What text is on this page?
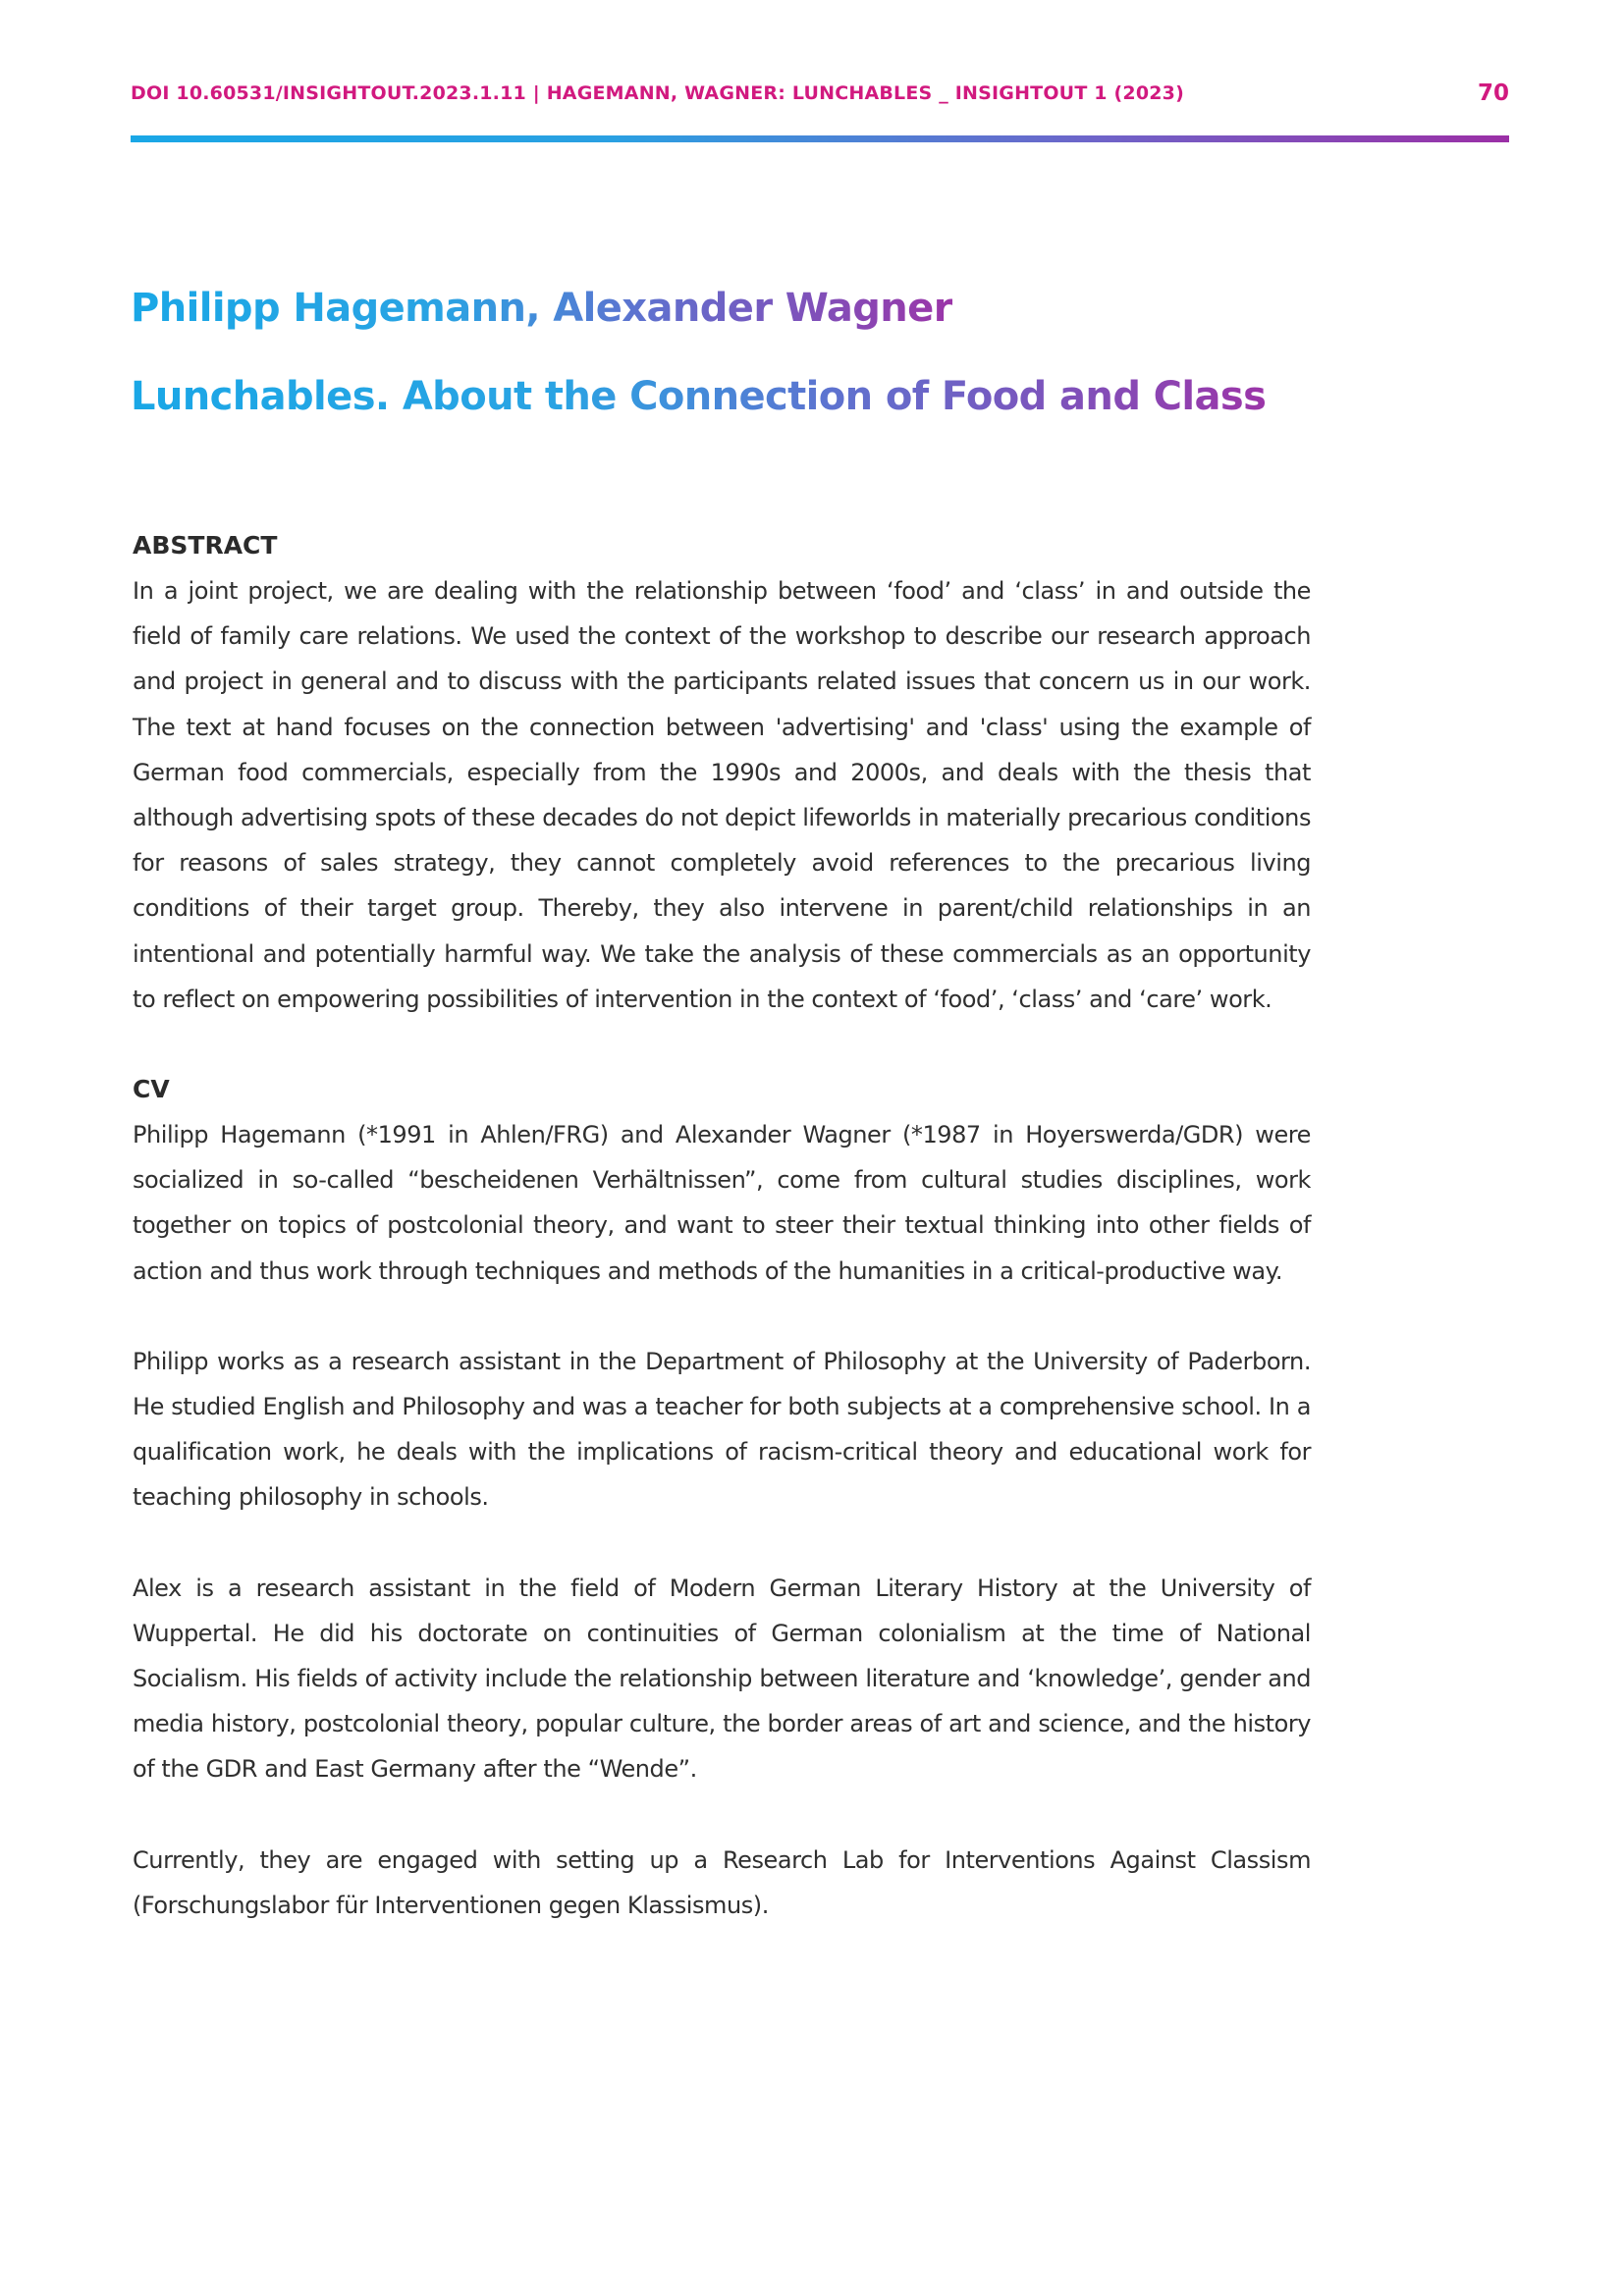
DOI 10.60531/INSIGHTOUT.2023.1.11 | HAGEMANN, WAGNER: LUNCHABLES _ INSIGHTOUT 1 (2023)	70
Philipp Hagemann, Alexander Wagner
Lunchables. About the Connection of Food and Class
ABSTRACT

In a joint project, we are dealing with the relationship between ‘food’ and ‘class’ in and outside the field of family care relations. We used the context of the workshop to describe our research approach and project in general and to discuss with the participants related issues that concern us in our work. The text at hand focuses on the connection between 'advertising' and 'class' using the example of German food commercials, especially from the 1990s and 2000s, and deals with the thesis that although advertising spots of these decades do not depict lifeworlds in materially precarious conditions for reasons of sales strategy, they cannot completely avoid references to the precarious living conditions of their target group. Thereby, they also intervene in parent/child relationships in an intentional and potentially harmful way. We take the analysis of these commercials as an opportunity to reflect on empowering possibilities of intervention in the context of ‘food’, ‘class’ and ‘care’ work.

CV

Philipp Hagemann (*1991 in Ahlen/FRG) and Alexander Wagner (*1987 in Hoyerswerda/GDR) were socialized in so-called “bescheidenen Verhältnissen”, come from cultural studies disciplines, work together on topics of postcolonial theory, and want to steer their textual thinking into other fields of action and thus work through techniques and methods of the humanities in a critical-productive way.

Philipp works as a research assistant in the Department of Philosophy at the University of Paderborn. He studied English and Philosophy and was a teacher for both subjects at a comprehensive school. In a qualification work, he deals with the implications of racism-critical theory and educational work for teaching philosophy in schools.

Alex is a research assistant in the field of Modern German Literary History at the University of Wuppertal. He did his doctorate on continuities of German colonialism at the time of National Socialism. His fields of activity include the relationship between literature and ‘knowledge’, gender and media history, postcolonial theory, popular culture, the border areas of art and science, and the history of the GDR and East Germany after the “Wende”.

Currently, they are engaged with setting up a Research Lab for Interventions Against Classism (Forschungslabor für Interventionen gegen Klassismus).
